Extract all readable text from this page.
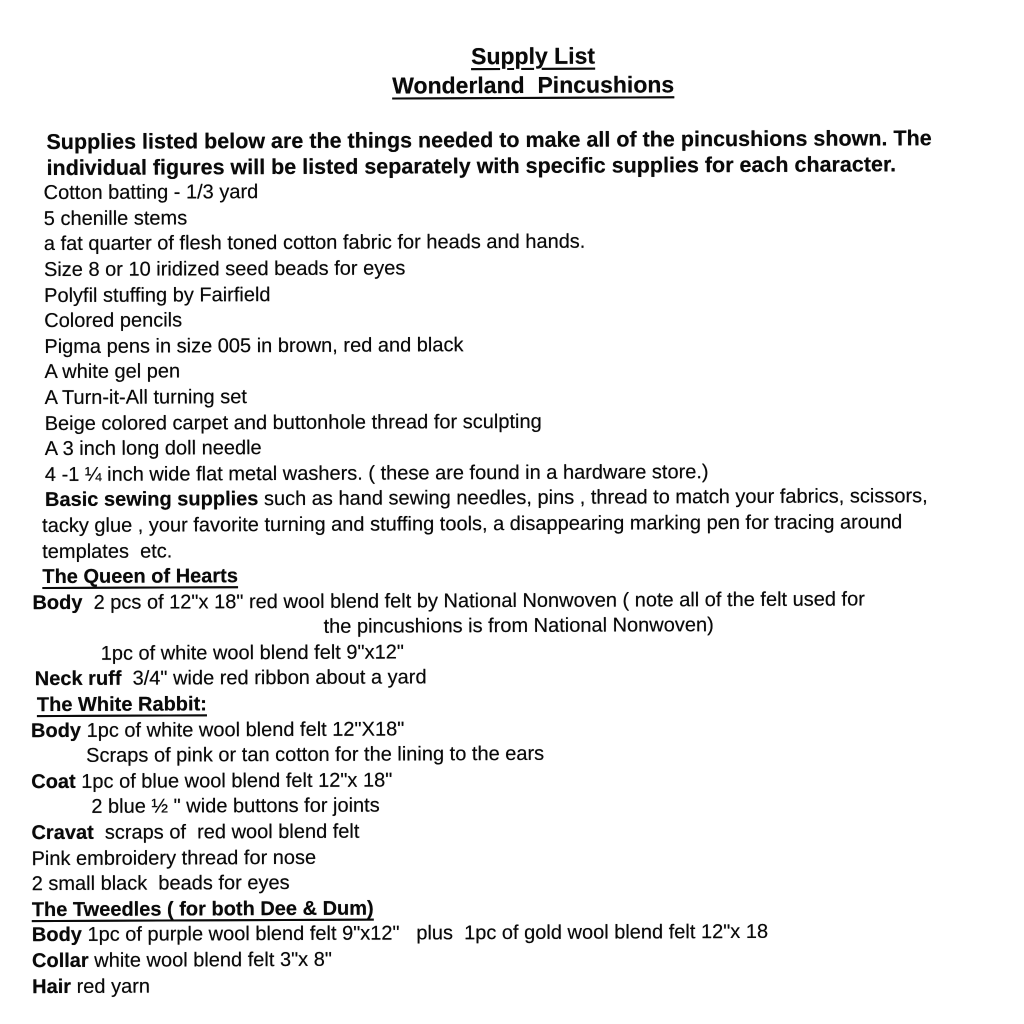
Supply List
Wonderland  Pincushions
Supplies listed below are the things needed to make all of the pincushions shown. The
individual figures will be listed separately with specific supplies for each character.
Cotton batting - 1/3 yard
5 chenille stems
a fat quarter of flesh toned cotton fabric for heads and hands.
Size 8 or 10 iridized seed beads for eyes
Polyfil stuffing by Fairfield
Colored pencils
Pigma pens in size 005 in brown, red and black
A white gel pen
A Turn-it-All turning set
Beige colored carpet and buttonhole thread for sculpting
A 3 inch long doll needle
4 -1 ¼ inch wide flat metal washers. ( these are found in a hardware store.)
Basic sewing supplies such as hand sewing needles, pins , thread to match your fabrics, scissors,
tacky glue , your favorite turning and stuffing tools, a disappearing marking pen for tracing around
templates  etc.
The Queen of Hearts
Body  2 pcs of 12"x 18" red wool blend felt by National Nonwoven ( note all of the felt used for
the pincushions is from National Nonwoven)
1pc of white wool blend felt 9"x12"
Neck ruff  3/4" wide red ribbon about a yard
The White Rabbit:
Body 1pc of white wool blend felt 12"X18"
Scraps of pink or tan cotton for the lining to the ears
Coat 1pc of blue wool blend felt 12"x 18"
2 blue ½ " wide buttons for joints
Cravat  scraps of  red wool blend felt
Pink embroidery thread for nose
2 small black  beads for eyes
The Tweedles ( for both Dee & Dum)
Body 1pc of purple wool blend felt 9"x12"   plus  1pc of gold wool blend felt 12"x 18
Collar white wool blend felt 3"x 8"
Hair red yarn
